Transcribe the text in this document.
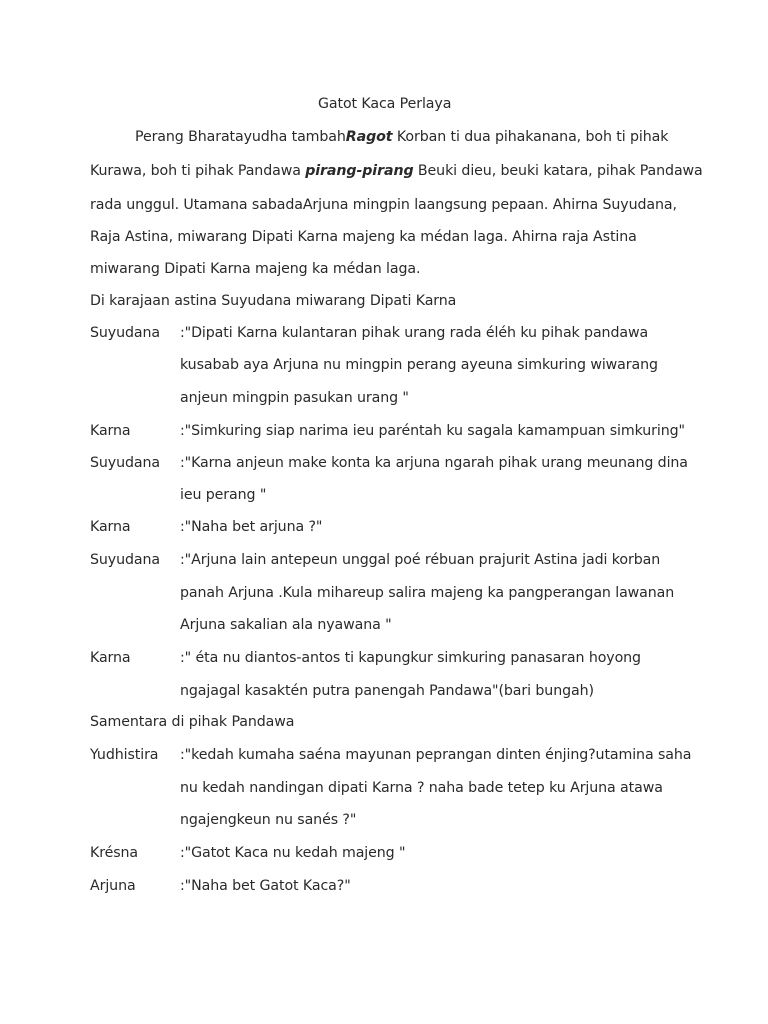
Gatot Kaca Perlaya
Perang Bharatayudha tambahRagot Korban ti dua pihakanana, boh ti pihak
Kurawa, boh ti pihak Pandawa pirang-pirang Beuki dieu, beuki katara, pihak Pandawa
rada unggul. Utamana sabadaArjuna mingpin laangsung pepaan. Ahirna Suyudana,
Raja Astina, miwarang Dipati Karna majeng ka médan laga. Ahirna raja Astina
miwarang Dipati Karna majeng ka médan laga.
Di karajaan astina Suyudana miwarang Dipati Karna
Suyudana :"Dipati Karna kulantaran pihak urang rada éléh ku pihak pandawa
kusabab aya Arjuna nu mingpin perang ayeuna simkuring wiwarang
anjeun mingpin pasukan urang "
Karna	:"Simkuring siap narima ieu paréntah ku sagala kamampuan simkuring"
Suyudana :"Karna anjeun make konta ka arjuna ngarah pihak urang meunang dina
ieu perang "
Karna	:"Naha bet arjuna ?"
Suyudana :"Arjuna lain antepeun unggal poé rébuan prajurit Astina jadi korban
panah Arjuna .Kula mihareup salira majeng ka pangperangan lawanan
Arjuna sakalian ala nyawana "
Karna	:" éta nu diantos-antos ti kapungkur simkuring panasaran hoyong
ngajagal kasaktén putra panengah Pandawa"(bari bungah)
Samentara di pihak Pandawa
Yudhistira :"kedah kumaha saéna mayunan peprangan dinten énjing?utamina saha
nu kedah nandingan dipati Karna ? naha bade tetep ku Arjuna atawa
ngajengkeun nu sanés ?"
Krésna	:"Gatot Kaca nu kedah majeng "
Arjuna	:"Naha bet Gatot Kaca?"
